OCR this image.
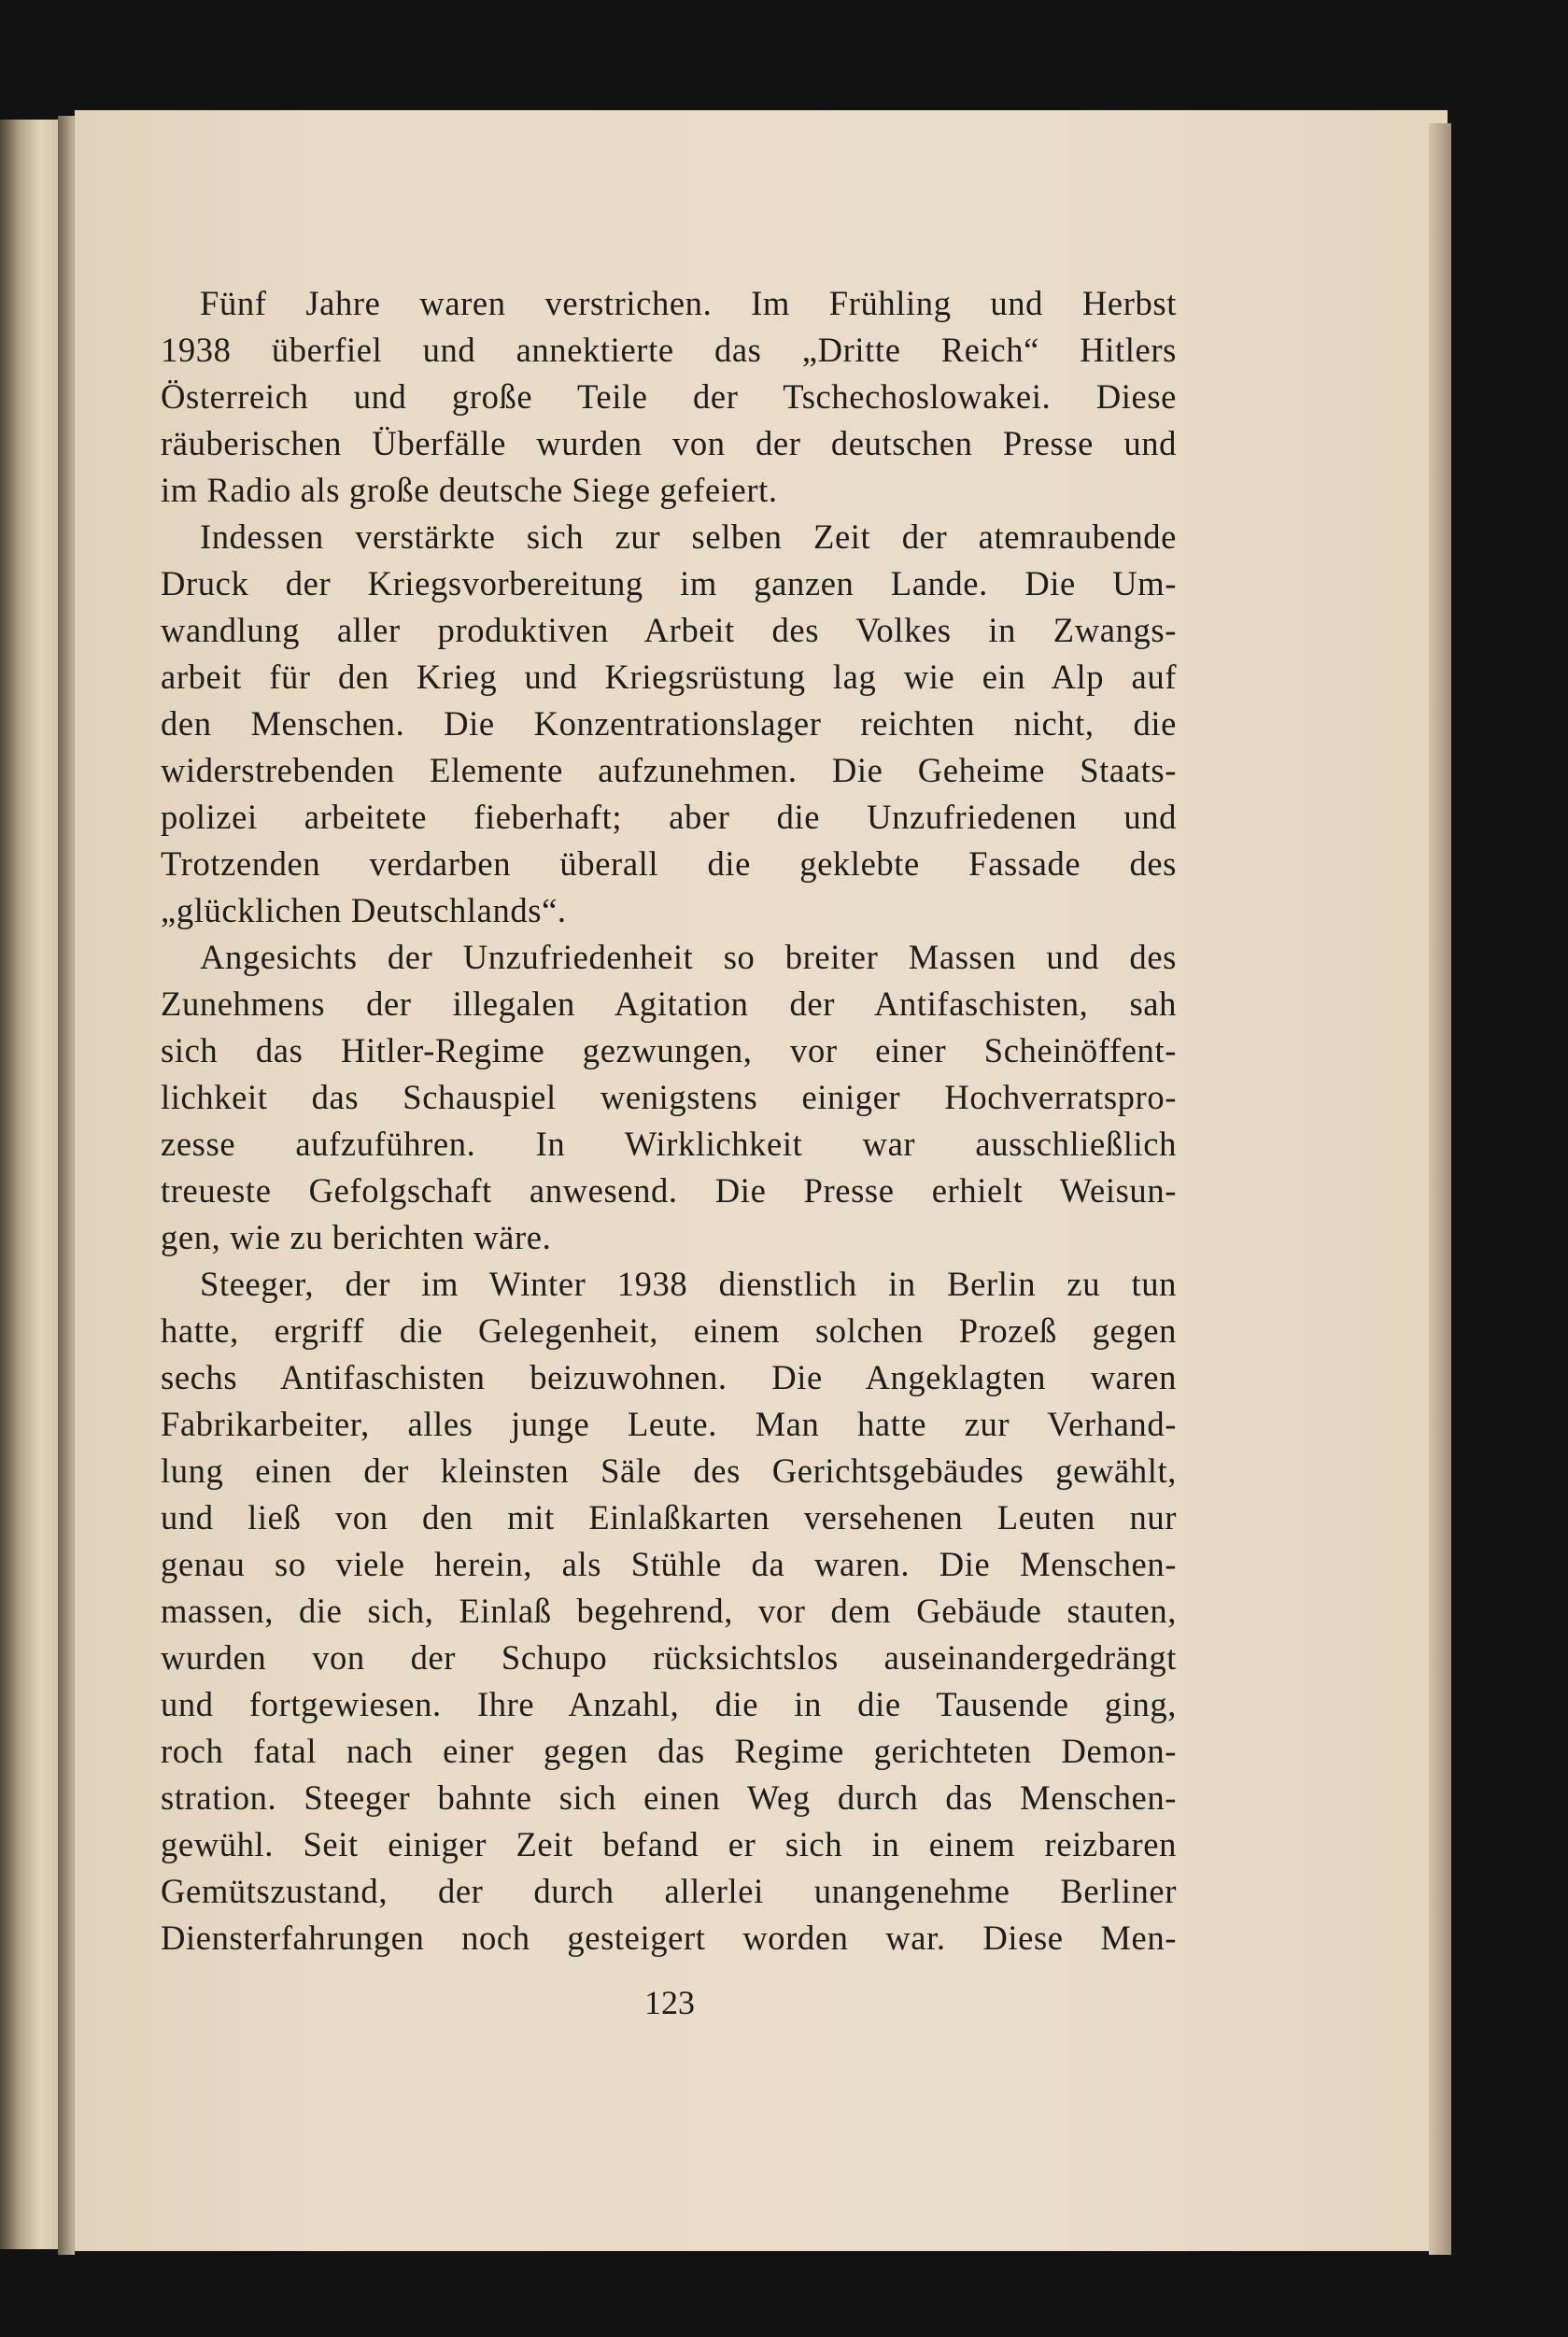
Fünf Jahre waren verstrichen. Im Frühling und Herbst
1938 überfiel und annektierte das „Dritte Reich“ Hitlers
Österreich und große Teile der Tschechoslowakei. Diese
räuberischen Überfälle wurden von der deutschen Presse und
im Radio als große deutsche Siege gefeiert.
Indessen verstärkte sich zur selben Zeit der atemraubende
Druck der Kriegsvorbereitung im ganzen Lande. Die Um-
wandlung aller produktiven Arbeit des Volkes in Zwangs-
arbeit für den Krieg und Kriegsrüstung lag wie ein Alp auf
den Menschen. Die Konzentrationslager reichten nicht, die
widerstrebenden Elemente aufzunehmen. Die Geheime Staats-
polizei arbeitete fieberhaft; aber die Unzufriedenen und
Trotzenden verdarben überall die geklebte Fassade des
„glücklichen Deutschlands“.
Angesichts der Unzufriedenheit so breiter Massen und des
Zunehmens der illegalen Agitation der Antifaschisten, sah
sich das Hitler-Regime gezwungen, vor einer Scheinöffent-
lichkeit das Schauspiel wenigstens einiger Hochverratspro-
zesse aufzuführen. In Wirklichkeit war ausschließlich
treueste Gefolgschaft anwesend. Die Presse erhielt Weisun-
gen, wie zu berichten wäre.
Steeger, der im Winter 1938 dienstlich in Berlin zu tun
hatte, ergriff die Gelegenheit, einem solchen Prozeß gegen
sechs Antifaschisten beizuwohnen. Die Angeklagten waren
Fabrikarbeiter, alles junge Leute. Man hatte zur Verhand-
lung einen der kleinsten Säle des Gerichtsgebäudes gewählt,
und ließ von den mit Einlaßkarten versehenen Leuten nur
genau so viele herein, als Stühle da waren. Die Menschen-
massen, die sich, Einlaß begehrend, vor dem Gebäude stauten,
wurden von der Schupo rücksichtslos auseinandergedrängt
und fortgewiesen. Ihre Anzahl, die in die Tausende ging,
roch fatal nach einer gegen das Regime gerichteten Demon-
stration. Steeger bahnte sich einen Weg durch das Menschen-
gewühl. Seit einiger Zeit befand er sich in einem reizbaren
Gemütszustand, der durch allerlei unangenehme Berliner
Diensterfahrungen noch gesteigert worden war. Diese Men-
123
